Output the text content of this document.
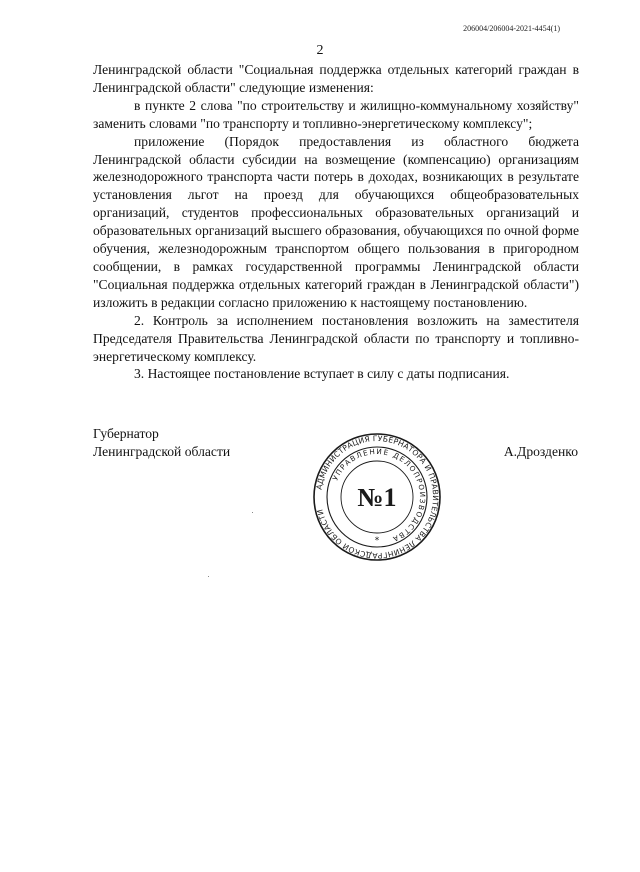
206004/206004-2021-4454(1)
2

Ленинградской области "Социальная поддержка отдельных категорий граждан в Ленинградской области" следующие изменения:

в пункте 2 слова "по строительству и жилищно-коммунальному хозяйству" заменить словами "по транспорту и топливно-энергетическому комплексу";

приложение (Порядок предоставления из областного бюджета Ленинградской области субсидии на возмещение (компенсацию) организациям железнодорожного транспорта части потерь в доходах, возникающих в результате установления льгот на проезд для обучающихся общеобразовательных организаций, студентов профессиональных образовательных организаций и образовательных организаций высшего образования, обучающихся по очной форме обучения, железнодорожным транспортом общего пользования в пригородном сообщении, в рамках государственной программы Ленинградской области "Социальная поддержка отдельных категорий граждан в Ленинградской области") изложить в редакции согласно приложению к настоящему постановлению.

2. Контроль за исполнением постановления возложить на заместителя Председателя Правительства Ленинградской области по транспорту и топливно-энергетическому комплексу.

3. Настоящее постановление вступает в силу с даты подписания.

Губернатор
Ленинградской области	А.Дрозденко
АДМИНИСТРАЦИЯ ГУБЕРНАТОРА И ПРАВИТЕЛЬСТВА ЛЕНИНГРАДСКОЙ ОБЛАСТИ
УПРАВЛЕНИЕ ДЕЛОПРОИЗВОДСТВА
№1
*
